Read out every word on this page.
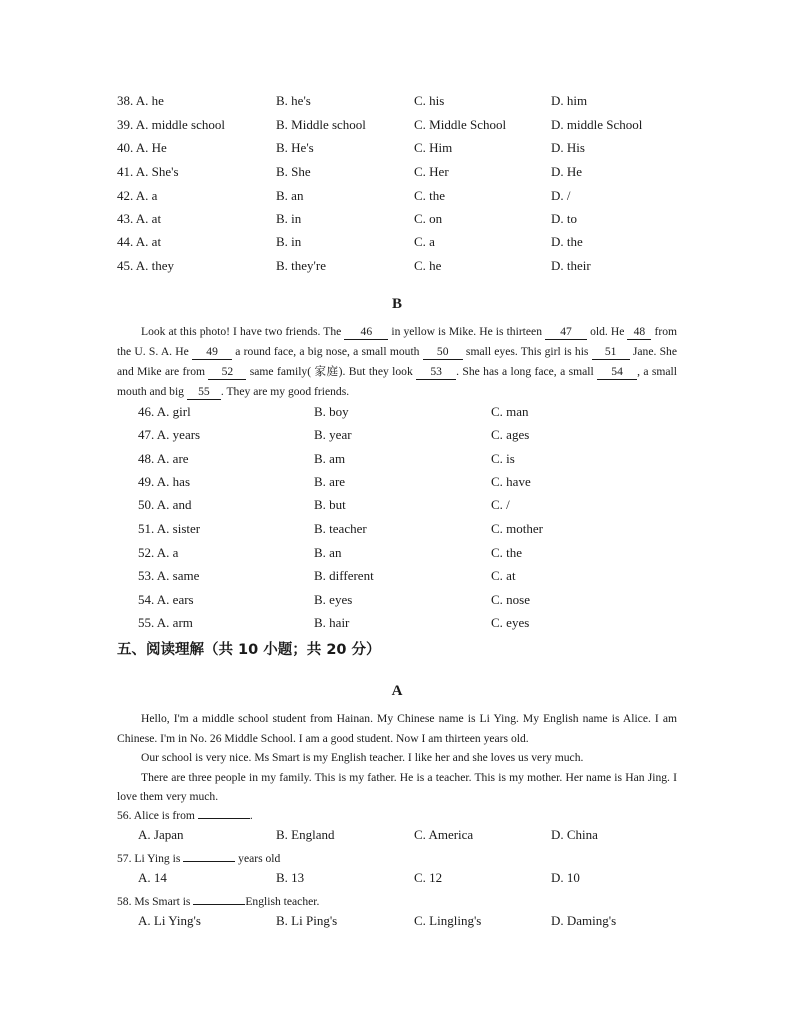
38. A. he	B. he's	C. his	D. him
39. A. middle school	B. Middle school	C. Middle School	D. middle School
40. A. He	B. He's	C. Him	D. His
41. A. She's	B. She	C. Her	D. He
42. A. a	B. an	C. the	D. /
43. A. at	B. in	C. on	D. to
44. A. at	B. in	C. a	D. the
45. A. they	B. they're	C. he	D. their
B
Look at this photo! I have two friends. The 46 in yellow is Mike. He is thirteen 47 old. He 48 from the U. S. A. He 49 a round face, a big nose, a small mouth 50 small eyes. This girl is his 51 Jane. She and Mike are from 52 same family( 家庭). But they look 53 . She has a long face, a small 54 , a small mouth and big 55 . They are my good friends.
46. A. girl	B. boy	C. man
47. A. years	B. year	C. ages
48. A. are	B. am	C. is
49. A. has	B. are	C. have
50. A. and	B. but	C. /
51. A. sister	B. teacher	C. mother
52. A. a	B. an	C. the
53. A. same	B. different	C. at
54. A. ears	B. eyes	C. nose
55. A. arm	B. hair	C. eyes
五、阅读理解（共 10 小题；共 20 分）
A
Hello, I'm a middle school student from Hainan. My Chinese name is Li Ying. My English name is Alice. I am Chinese. I'm in No. 26 Middle School. I am a good student. Now I am thirteen years old.
Our school is very nice. Ms Smart is my English teacher. I like her and she loves us very much.
There are three people in my family. This is my father. He is a teacher. This is my mother. Her name is Han Jing. I love them very much.
56. Alice is from	.
A. Japan	B. England	C. America	D. China
57. Li Ying is	years old
A. 14	B. 13	C. 12	D. 10
58. Ms Smart is	English teacher.
A. Li Ying's	B. Li Ping's	C. Lingling's	D. Daming's
